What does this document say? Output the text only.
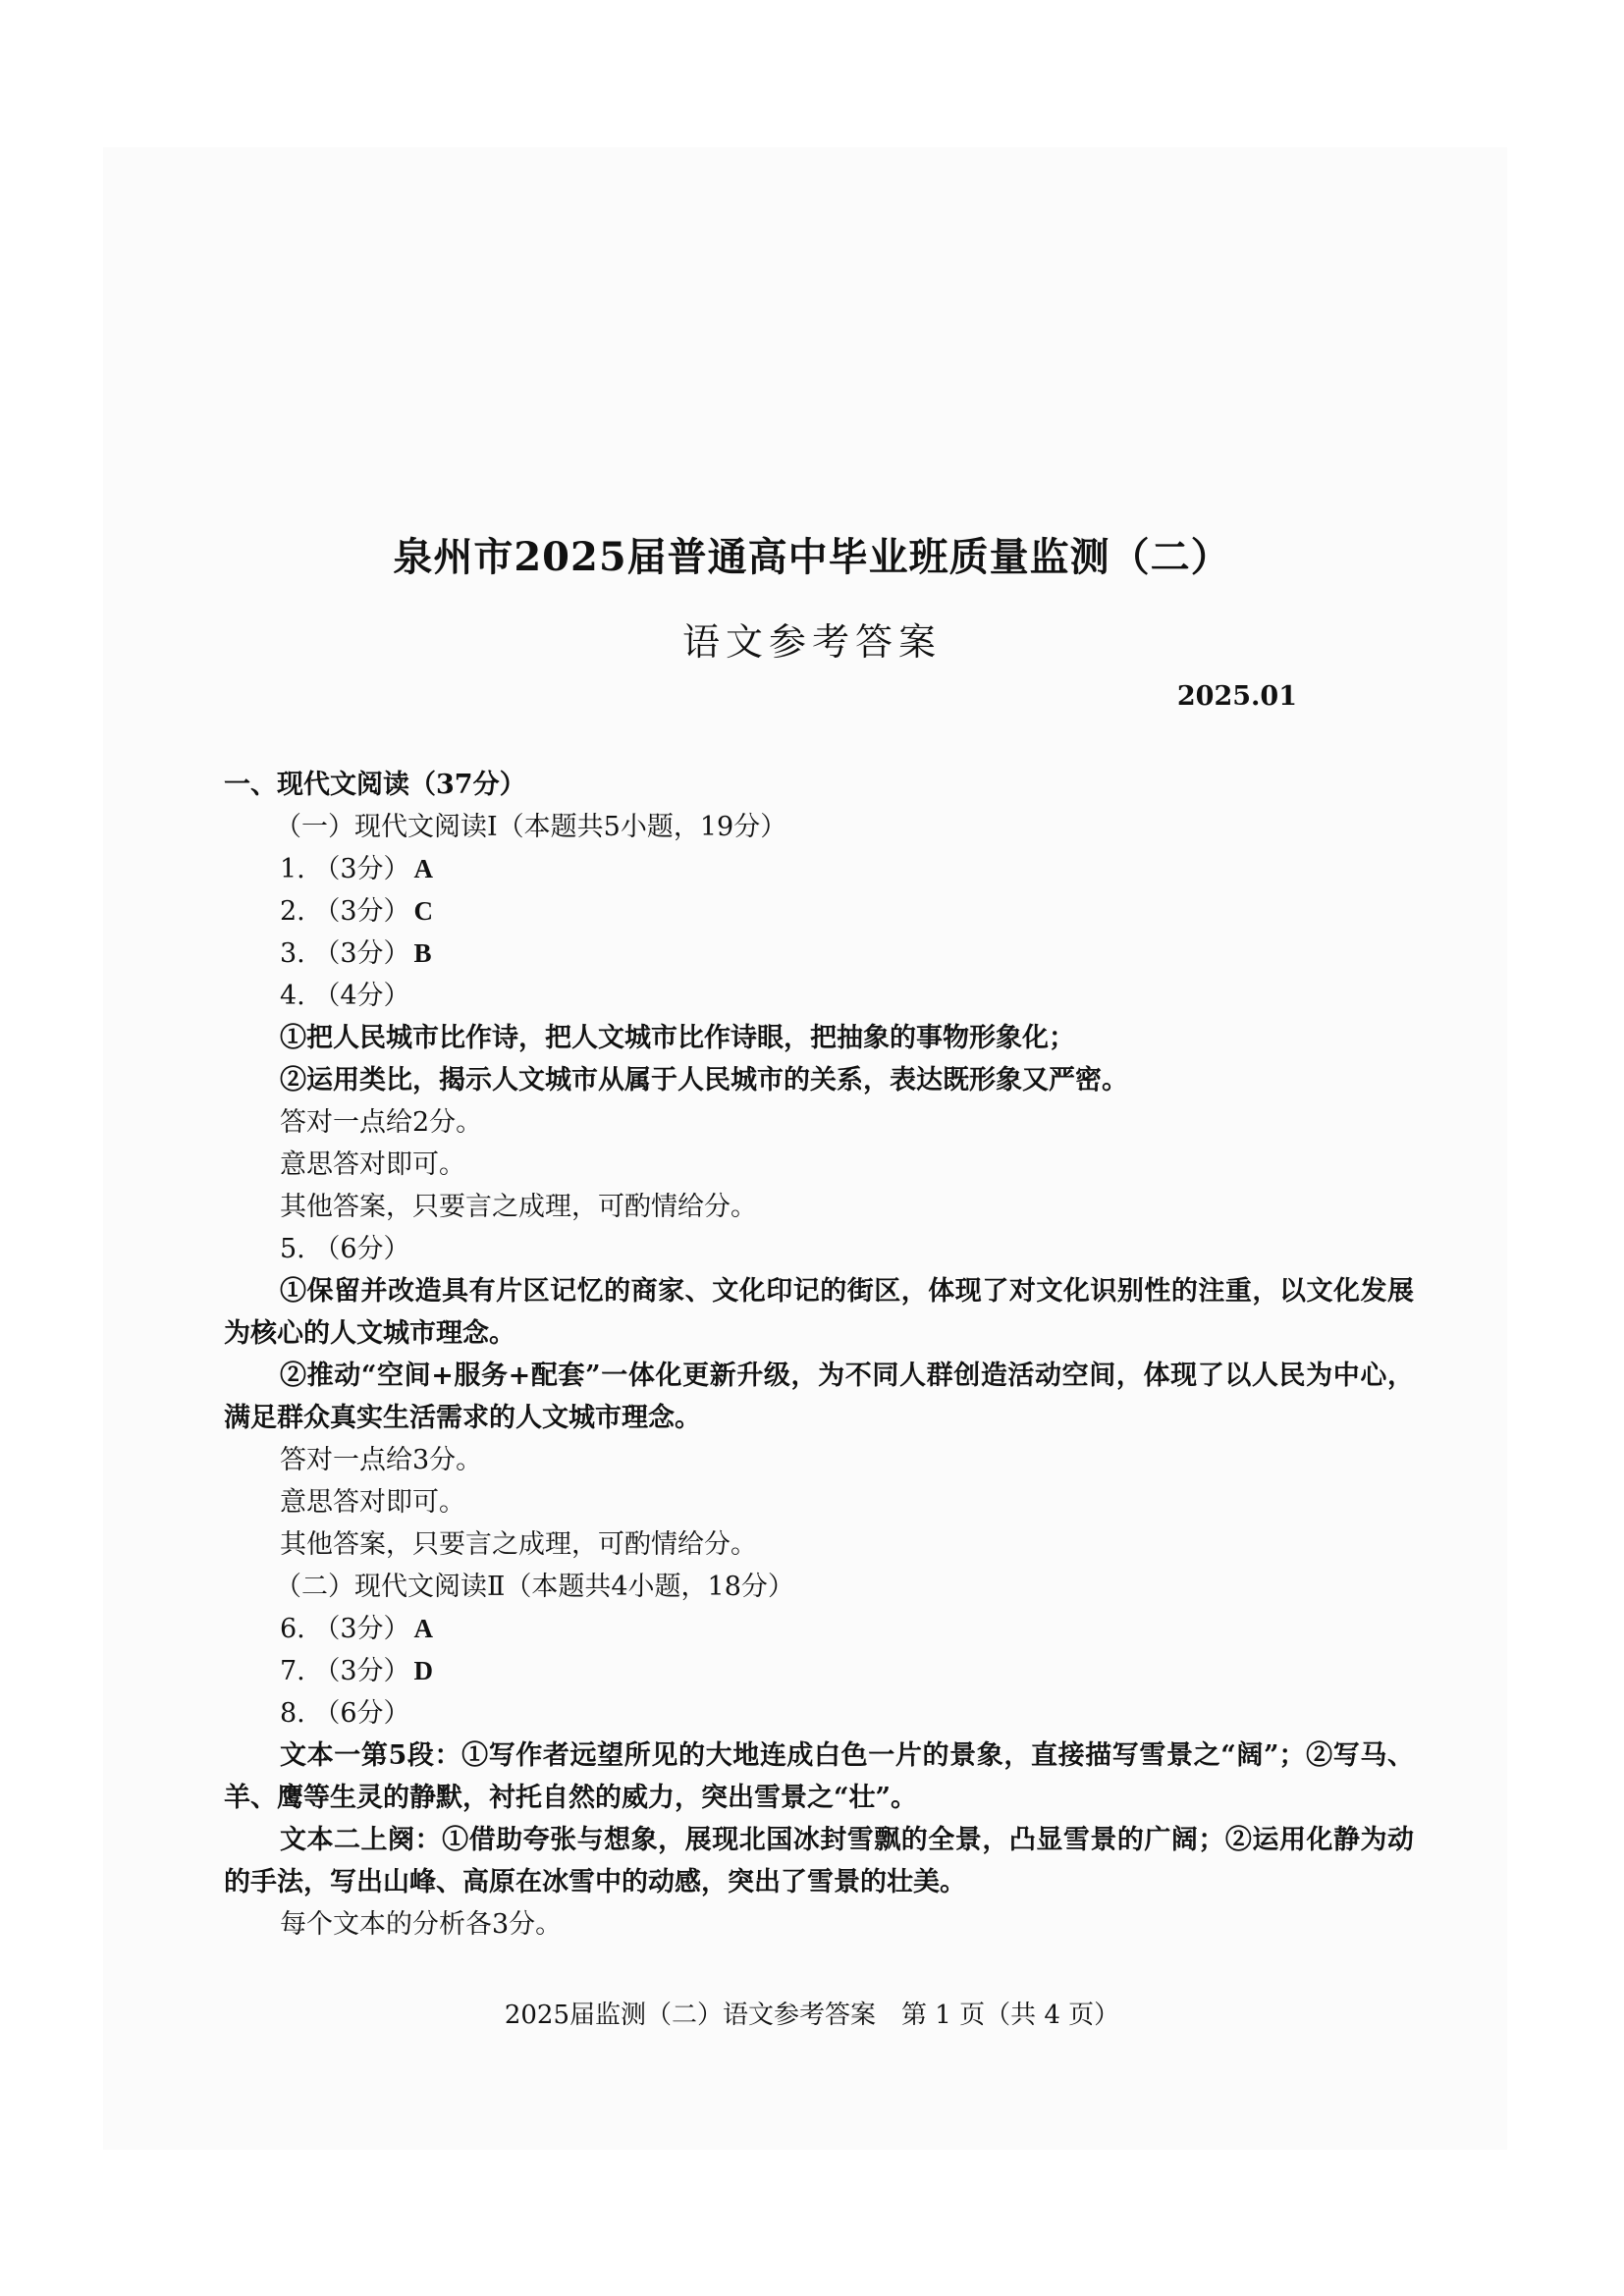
泉州市2025届普通高中毕业班质量监测（二）
语文参考答案
2025.01
一、现代文阅读（37分）
（一）现代文阅读Ⅰ（本题共5小题，19分）
1. （3分） A
2. （3分） C
3. （3分） B
4. （4分）
①把人民城市比作诗，把人文城市比作诗眼，把抽象的事物形象化；
②运用类比，揭示人文城市从属于人民城市的关系，表达既形象又严密。
答对一点给2分。
意思答对即可。
其他答案，只要言之成理，可酌情给分。
5. （6分）
①保留并改造具有片区记忆的商家、文化印记的街区，体现了对文化识别性的注重，以文化发展为核心的人文城市理念。
②推动“空间+服务+配套”一体化更新升级，为不同人群创造活动空间，体现了以人民为中心，满足群众真实生活需求的人文城市理念。
答对一点给3分。
意思答对即可。
其他答案，只要言之成理，可酌情给分。
（二）现代文阅读Ⅱ（本题共4小题，18分）
6. （3分） A
7. （3分） D
8. （6分）
文本一第5段：①写作者远望所见的大地连成白色一片的景象，直接描写雪景之“阔”；②写马、羊、鹰等生灵的静默，衬托自然的威力，突出雪景之“壮”。
文本二上阕：①借助夸张与想象，展现北国冰封雪飘的全景，凸显雪景的广阔；②运用化静为动的手法，写出山峰、高原在冰雪中的动感，突出了雪景的壮美。
每个文本的分析各3分。
2025届监测（二）语文参考答案　第 1 页（共 4 页）
